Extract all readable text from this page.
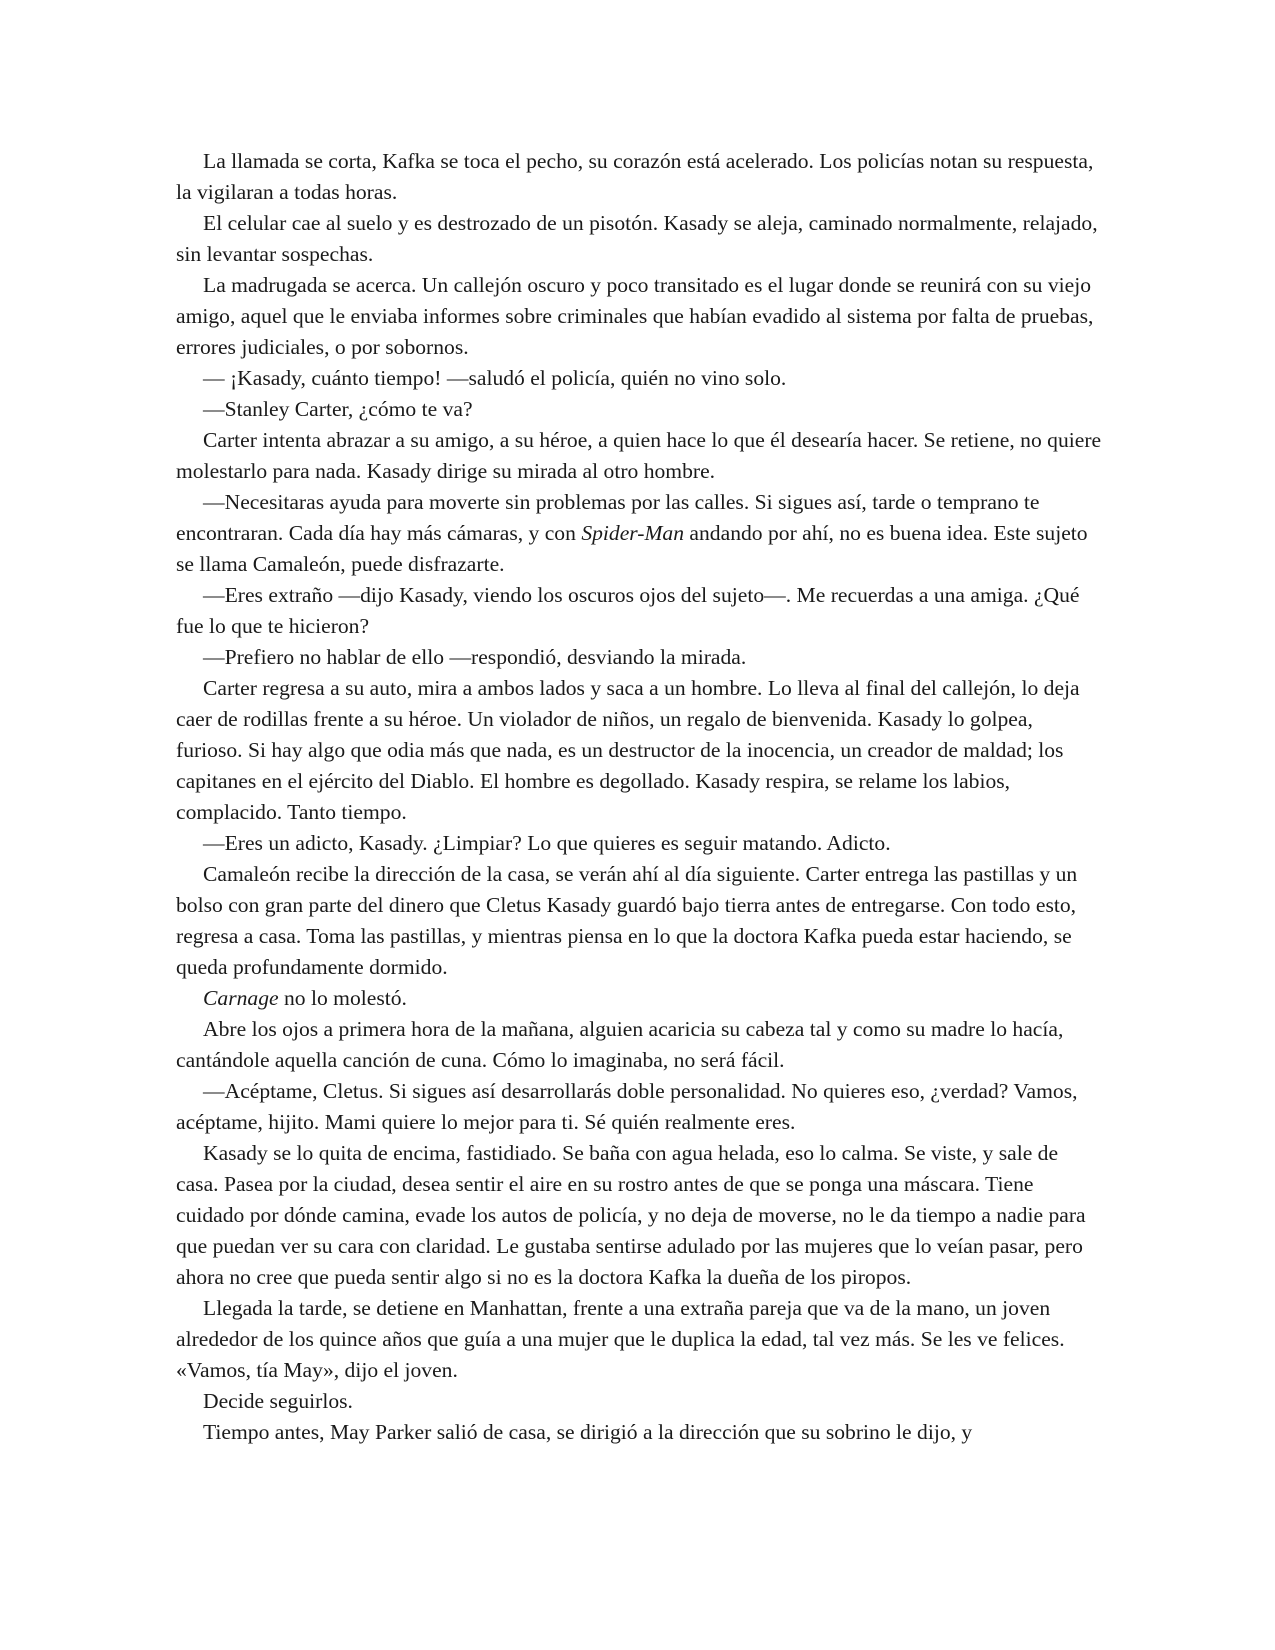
La llamada se corta, Kafka se toca el pecho, su corazón está acelerado. Los policías notan su respuesta, la vigilaran a todas horas.

El celular cae al suelo y es destrozado de un pisotón. Kasady se aleja, caminado normalmente, relajado, sin levantar sospechas.

La madrugada se acerca. Un callejón oscuro y poco transitado es el lugar donde se reunirá con su viejo amigo, aquel que le enviaba informes sobre criminales que habían evadido al sistema por falta de pruebas, errores judiciales, o por sobornos.

— ¡Kasady, cuánto tiempo! —saludó el policía, quién no vino solo.

—Stanley Carter, ¿cómo te va?

Carter intenta abrazar a su amigo, a su héroe, a quien hace lo que él desearía hacer. Se retiene, no quiere molestarlo para nada. Kasady dirige su mirada al otro hombre.

—Necesitaras ayuda para moverte sin problemas por las calles. Si sigues así, tarde o temprano te encontraran. Cada día hay más cámaras, y con Spider-Man andando por ahí, no es buena idea. Este sujeto se llama Camaleón, puede disfrazarte.

—Eres extraño —dijo Kasady, viendo los oscuros ojos del sujeto—. Me recuerdas a una amiga. ¿Qué fue lo que te hicieron?

—Prefiero no hablar de ello —respondió, desviando la mirada.

Carter regresa a su auto, mira a ambos lados y saca a un hombre. Lo lleva al final del callejón, lo deja caer de rodillas frente a su héroe. Un violador de niños, un regalo de bienvenida. Kasady lo golpea, furioso. Si hay algo que odia más que nada, es un destructor de la inocencia, un creador de maldad; los capitanes en el ejército del Diablo. El hombre es degollado. Kasady respira, se relame los labios, complacido. Tanto tiempo.

—Eres un adicto, Kasady. ¿Limpiar? Lo que quieres es seguir matando. Adicto.

Camaleón recibe la dirección de la casa, se verán ahí al día siguiente. Carter entrega las pastillas y un bolso con gran parte del dinero que Cletus Kasady guardó bajo tierra antes de entregarse. Con todo esto, regresa a casa. Toma las pastillas, y mientras piensa en lo que la doctora Kafka pueda estar haciendo, se queda profundamente dormido.

Carnage no lo molestó.

Abre los ojos a primera hora de la mañana, alguien acaricia su cabeza tal y como su madre lo hacía, cantándole aquella canción de cuna. Cómo lo imaginaba, no será fácil.

—Acéptame, Cletus. Si sigues así desarrollarás doble personalidad. No quieres eso, ¿verdad? Vamos, acéptame, hijito. Mami quiere lo mejor para ti. Sé quién realmente eres.

Kasady se lo quita de encima, fastidiado. Se baña con agua helada, eso lo calma. Se viste, y sale de casa. Pasea por la ciudad, desea sentir el aire en su rostro antes de que se ponga una máscara. Tiene cuidado por dónde camina, evade los autos de policía, y no deja de moverse, no le da tiempo a nadie para que puedan ver su cara con claridad. Le gustaba sentirse adulado por las mujeres que lo veían pasar, pero ahora no cree que pueda sentir algo si no es la doctora Kafka la dueña de los piropos.

Llegada la tarde, se detiene en Manhattan, frente a una extraña pareja que va de la mano, un joven alrededor de los quince años que guía a una mujer que le duplica la edad, tal vez más. Se les ve felices. «Vamos, tía May», dijo el joven.

Decide seguirlos.

Tiempo antes, May Parker salió de casa, se dirigió a la dirección que su sobrino le dijo, y
